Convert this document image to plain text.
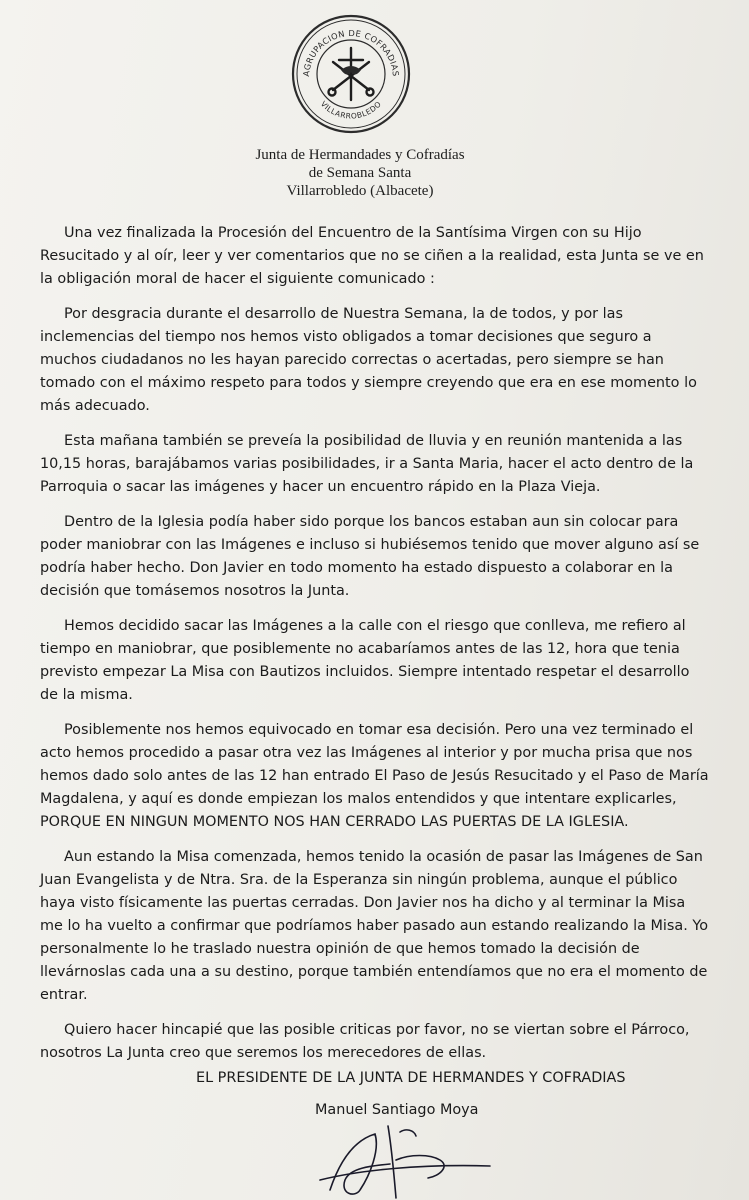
AGRUPACION DE COFRADIAS
VILLARROBLEDO
Junta de Hermandades y Cofradías
de Semana Santa
Villarrobledo (Albacete)

Una vez finalizada la Procesión del Encuentro de la Santísima Virgen con su Hijo Resucitado y al oír, leer y ver comentarios que no se ciñen a la realidad, esta Junta se ve en la obligación moral de hacer el siguiente comunicado :

Por desgracia durante el desarrollo de Nuestra Semana, la de todos, y por las inclemencias del tiempo nos hemos visto obligados a tomar decisiones que seguro a muchos ciudadanos no les hayan parecido correctas o acertadas, pero siempre se han tomado con el máximo respeto para todos y siempre creyendo que era en ese momento lo más adecuado.

Esta mañana también se preveía la posibilidad de lluvia y en reunión mantenida a las 10,15 horas, barajábamos varias posibilidades, ir a Santa Maria, hacer el acto dentro de la Parroquia o sacar las imágenes y hacer un encuentro rápido en la Plaza Vieja.

Dentro de la Iglesia podía haber sido porque los bancos estaban aun sin colocar para poder maniobrar con las Imágenes e incluso si hubiésemos tenido que mover alguno así se podría haber hecho. Don Javier en todo momento ha estado dispuesto a colaborar en la decisión que tomásemos nosotros la Junta.

Hemos decidido sacar las Imágenes a la calle con el riesgo que conlleva, me refiero al tiempo en maniobrar, que posiblemente no acabaríamos antes de las 12, hora que tenia previsto empezar La Misa con Bautizos incluidos. Siempre intentado respetar el desarrollo de la misma.

Posiblemente nos hemos equivocado en tomar esa decisión. Pero una vez terminado el acto hemos procedido a pasar otra vez las Imágenes al interior y por mucha prisa que nos hemos dado solo antes de las 12 han entrado El Paso de Jesús Resucitado y el Paso de María Magdalena, y aquí es donde empiezan los malos entendidos y que intentare explicarles,

PORQUE EN NINGUN MOMENTO NOS HAN CERRADO LAS PUERTAS DE LA IGLESIA.

Aun estando la Misa comenzada, hemos tenido la ocasión de pasar las Imágenes de San Juan Evangelista y de Ntra. Sra. de la Esperanza sin ningún problema, aunque el público haya visto físicamente las puertas cerradas. Don Javier nos ha dicho y al terminar la Misa me lo ha vuelto a confirmar que podríamos haber pasado aun estando realizando la Misa. Yo personalmente lo he traslado nuestra opinión de que hemos tomado la decisión de llevárnoslas cada una a su destino, porque también entendíamos que no era el momento de entrar.

Quiero hacer hincapié que las posible criticas por favor, no se viertan sobre el Párroco, nosotros La Junta creo que seremos los merecedores de ellas.

EL PRESIDENTE DE LA JUNTA DE HERMANDES Y COFRADIAS
Manuel Santiago Moya
